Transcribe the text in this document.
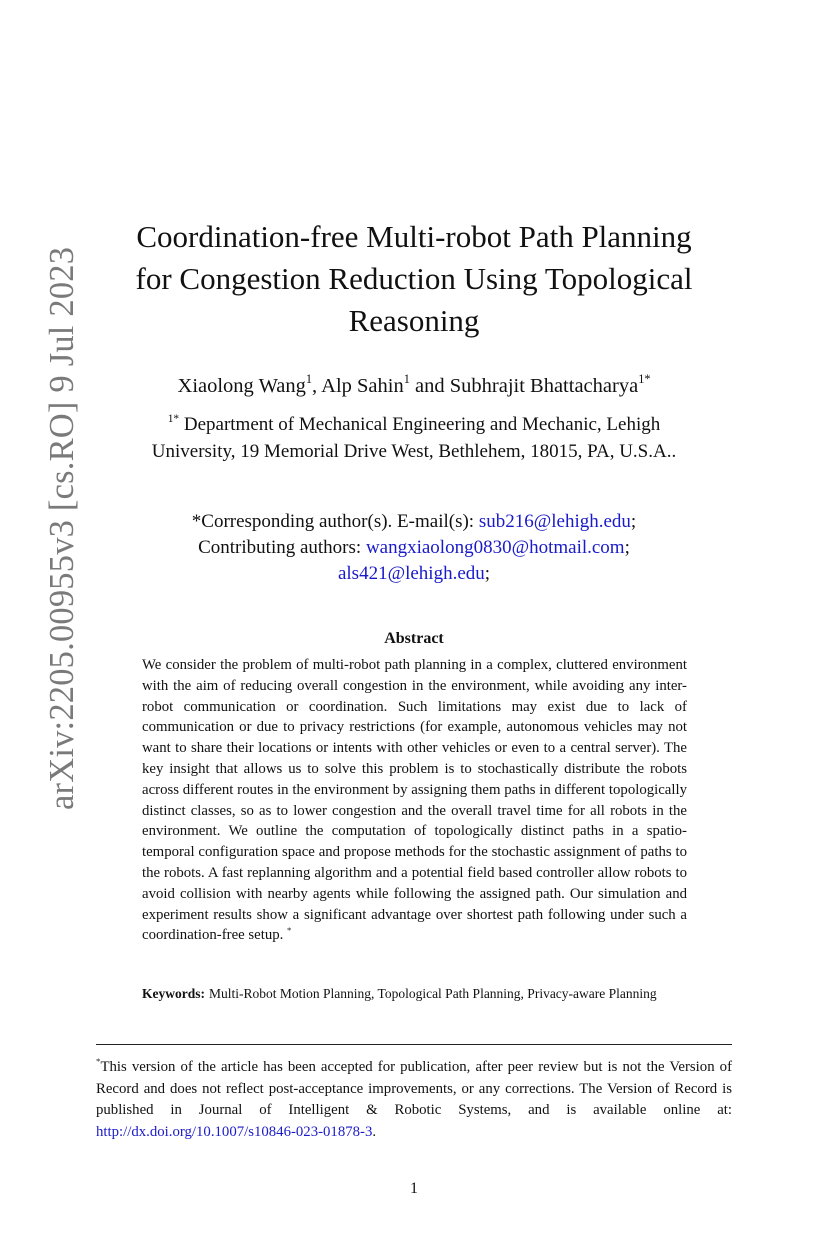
arXiv:2205.00955v3 [cs.RO] 9 Jul 2023
Coordination-free Multi-robot Path Planning
for Congestion Reduction Using Topological
Reasoning
Xiaolong Wang$^1$, Alp Sahin$^1$ and Subhrajit Bhattacharya$^{1*}$
$^{1*}$ Department of Mechanical Engineering and Mechanic, Lehigh
University, 19 Memorial Drive West, Bethlehem, 18015, PA, U.S.A..
*Corresponding author(s). E-mail(s): sub216@lehigh.edu;
Contributing authors: wangxiaolong0830@hotmail.com;
als421@lehigh.edu;
Abstract
We consider the problem of multi-robot path planning in a complex, cluttered environment with the aim of reducing overall congestion in the environment, while avoiding any inter-robot communication or coordination. Such limitations may exist due to lack of communication or due to privacy restrictions (for example, autonomous vehicles may not want to share their locations or intents with other vehicles or even to a central server). The key insight that allows us to solve this problem is to stochastically distribute the robots across different routes in the environment by assigning them paths in different topologically distinct classes, so as to lower congestion and the overall travel time for all robots in the environment. We outline the computation of topologically distinct paths in a spatio-temporal configuration space and propose methods for the stochastic assignment of paths to the robots. A fast replanning algorithm and a potential field based controller allow robots to avoid collision with nearby agents while following the assigned path. Our simulation and experiment results show a significant advantage over shortest path following under such a coordination-free setup. *
Keywords: Multi-Robot Motion Planning, Topological Path Planning, Privacy-aware Planning
*This version of the article has been accepted for publication, after peer review but is not the Version of Record and does not reflect post-acceptance improvements, or any corrections. The Version of Record is published in Journal of Intelligent & Robotic Systems, and is available online at: http://dx.doi.org/10.1007/s10846-023-01878-3.
1
